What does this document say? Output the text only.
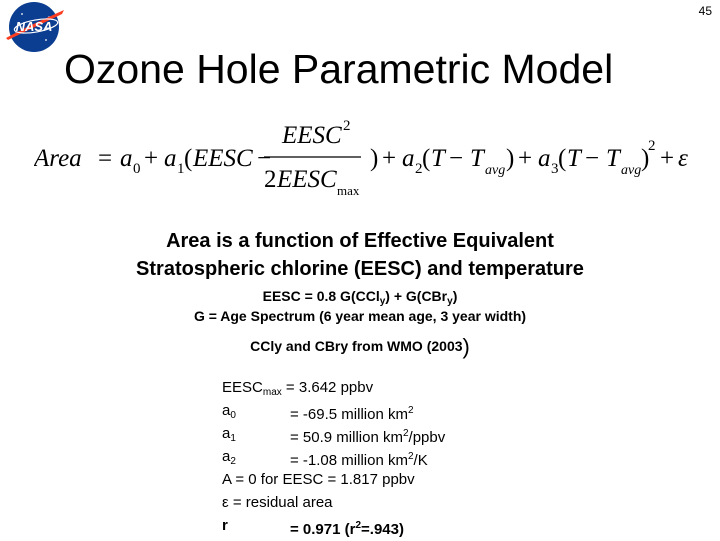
45
NASA
Ozone Hole Parametric Model
Area = a 0 + a 1 ( EESC −
EESC 2
2 EESC max
) + a 2 ( T − T avg ) + a 3 ( T − T avg )
2 + ε
Area is a function of Effective Equivalent
Stratospheric chlorine (EESC) and temperature
EESC = 0.8 G(CCl$_y$) + G(CBr$_y$)
G = Age Spectrum (6 year mean age, 3 year width)
CCly and CBry from WMO (2003)
$EESC_{max} = 3.642$ ppbv
$a_0$	= -69.5 million $km^2$
$a_1$	= 50.9 million $km^2$/ppbv
$a_2$	= -1.08 million $km^2/K$
A = 0 for EESC = 1.817 ppbv
ε = residual area
r	= 0.971 $(r^2=.943)$
